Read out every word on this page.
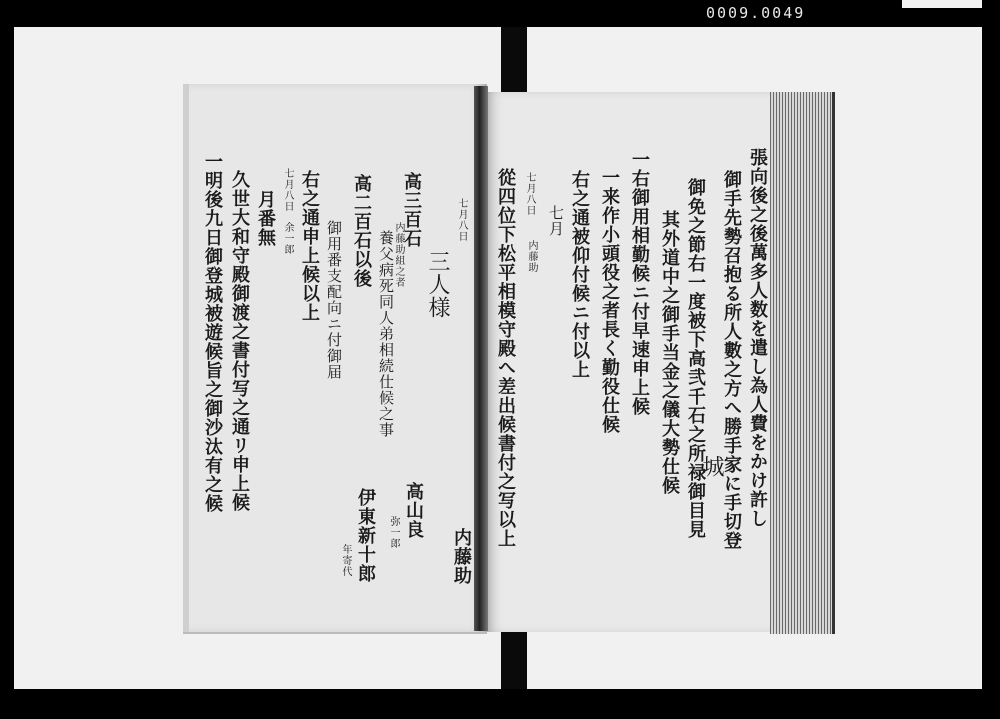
0009.0049
張向後之後萬多人数を遣し為人費をかけ許し
御手先勢召抱る所人數之方へ勝手家に手切登
城
御免之節右一度被下高弐千石之所禄御目見
其外道中之御手当金之儀大勢仕候
一右御用相勤候ニ付早速申上候
一来作小頭役之者長く勤役仕候
右之通被仰付候ニ付以上
七月
七月八日
内藤助
從四位下松平相模守殿へ差出候書付之写以上
七月八日
三人様
高三百石
内藤助組之者
養父病死同人弟相続仕候之事
高二百石以後
御用番支配向ニ付御届
右之通申上候以上
七月八日
余一郎
月番無
久世大和守殿御渡之書付写之通リ申上候
一明後九日御登城被遊候旨之御沙汰有之候
内藤助
高山良
弥一郎
伊東新十郎
年寄代
